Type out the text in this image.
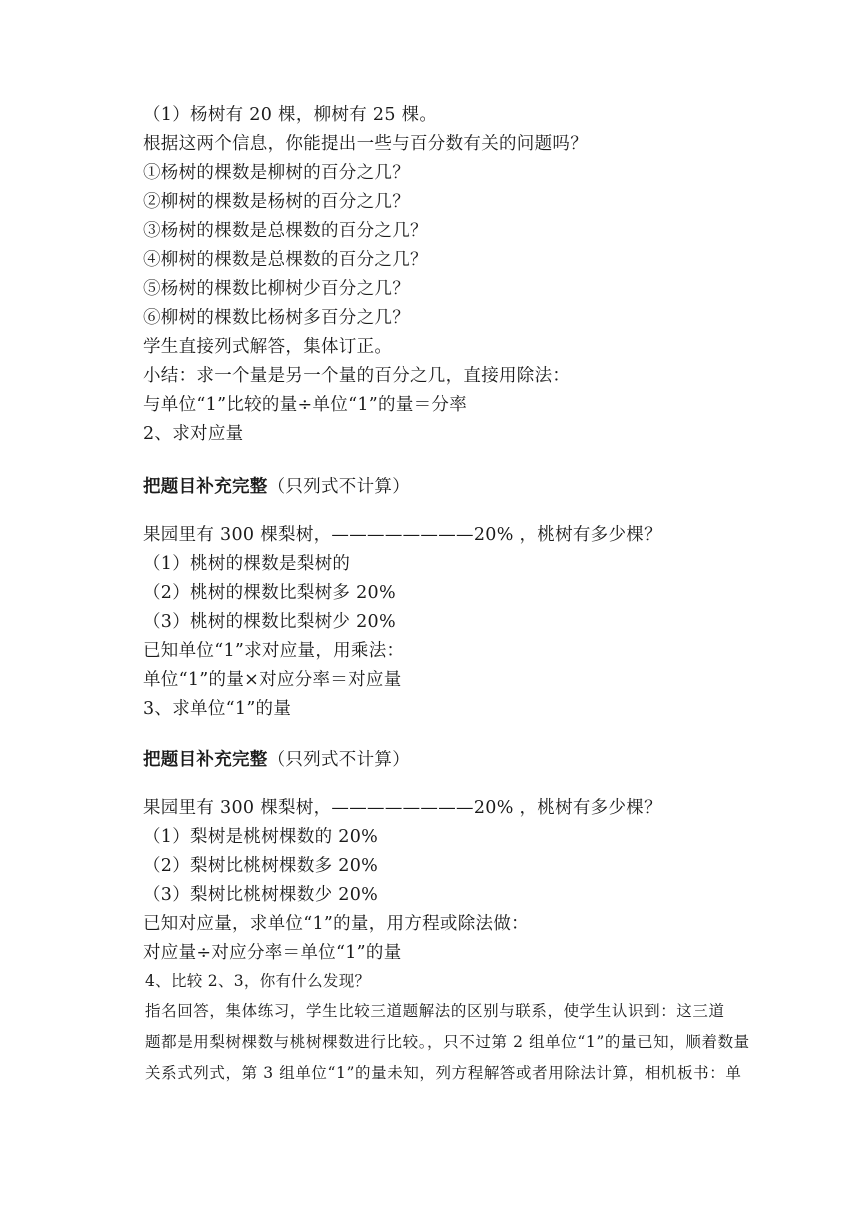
（1）杨树有 20 棵，柳树有 25 棵。
根据这两个信息，你能提出一些与百分数有关的问题吗？
①杨树的棵数是柳树的百分之几？
②柳树的棵数是杨树的百分之几？
③杨树的棵数是总棵数的百分之几？
④柳树的棵数是总棵数的百分之几？
⑤杨树的棵数比柳树少百分之几？
⑥柳树的棵数比杨树多百分之几？
学生直接列式解答，集体订正。
小结：求一个量是另一个量的百分之几，直接用除法：
与单位“1”比较的量÷单位“1”的量＝分率
2、求对应量
把题目补充完整（只列式不计算）
果园里有 300 棵梨树，————————20% ，桃树有多少棵？
（1）桃树的棵数是梨树的
（2）桃树的棵数比梨树多 20%
（3）桃树的棵数比梨树少 20%
已知单位“1”求对应量，用乘法：
单位“1”的量×对应分率＝对应量
3、求单位“1”的量
把题目补充完整（只列式不计算）
果园里有 300 棵梨树，————————20% ，桃树有多少棵？
（1）梨树是桃树棵数的 20%
（2）梨树比桃树棵数多 20%
（3）梨树比桃树棵数少 20%
已知对应量，求单位“1”的量，用方程或除法做：
对应量÷对应分率＝单位“1”的量
4、比较 2、3，你有什么发现？
指名回答，集体练习，学生比较三道题解法的区别与联系，使学生认识到：这三道
题都是用梨树棵数与桃树棵数进行比较。，只不过第 2 组单位“1”的量已知，顺着数量
关系式列式，第 3 组单位“1”的量未知，列方程解答或者用除法计算，相机板书：单
